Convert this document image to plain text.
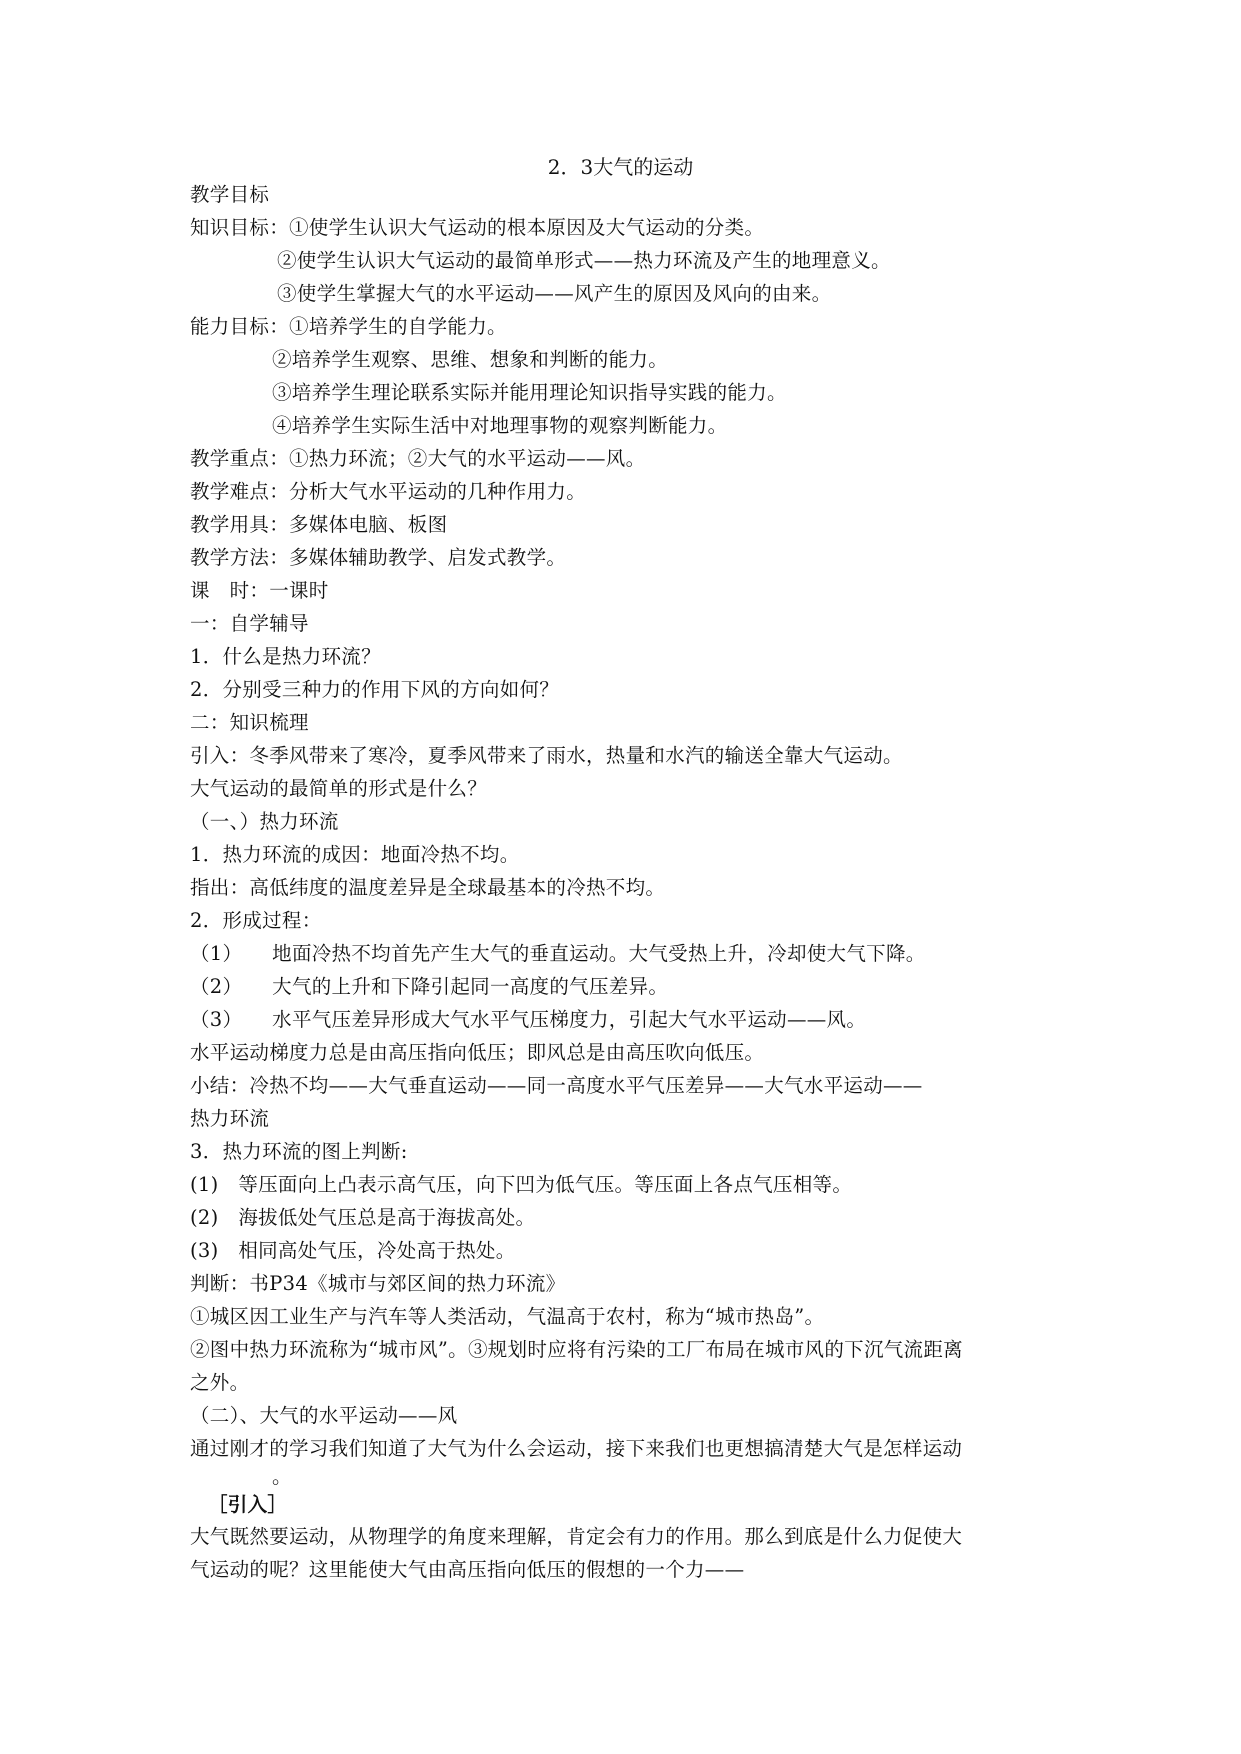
2．3大气的运动
教学目标
知识目标：①使学生认识大气运动的根本原因及大气运动的分类。
②使学生认识大气运动的最简单形式——热力环流及产生的地理意义。
③使学生掌握大气的水平运动——风产生的原因及风向的由来。
能力目标：①培养学生的自学能力。
②培养学生观察、思维、想象和判断的能力。
③培养学生理论联系实际并能用理论知识指导实践的能力。
④培养学生实际生活中对地理事物的观察判断能力。
教学重点：①热力环流；②大气的水平运动——风。
教学难点：分析大气水平运动的几种作用力。
教学用具：多媒体电脑、板图
教学方法：多媒体辅助教学、启发式教学。
课　时：一课时
一：自学辅导
1．什么是热力环流？
2．分别受三种力的作用下风的方向如何？
二：知识梳理
引入：冬季风带来了寒冷，夏季风带来了雨水，热量和水汽的输送全靠大气运动。
大气运动的最简单的形式是什么？
（一、）热力环流
1．热力环流的成因：地面冷热不均。
指出：高低纬度的温度差异是全球最基本的冷热不均。
2．形成过程：
（1）　　地面冷热不均首先产生大气的垂直运动。大气受热上升，冷却使大气下降。
（2）　　大气的上升和下降引起同一高度的气压差异。
（3）　　水平气压差异形成大气水平气压梯度力，引起大气水平运动——风。
水平运动梯度力总是由高压指向低压；即风总是由高压吹向低压。
小结：冷热不均——大气垂直运动——同一高度水平气压差异——大气水平运动——
热力环流
3．热力环流的图上判断:
(1)　等压面向上凸表示高气压，向下凹为低气压。等压面上各点气压相等。
(2)　海拔低处气压总是高于海拔高处。
(3)　相同高处气压，冷处高于热处。
判断：书P34《城市与郊区间的热力环流》
①城区因工业生产与汽车等人类活动，气温高于农村，称为“城市热岛”。
②图中热力环流称为“城市风”。③规划时应将有污染的工厂布局在城市风的下沉气流距离
之外。
（二）、大气的水平运动——风
通过刚才的学习我们知道了大气为什么会运动，接下来我们也更想搞清楚大气是怎样运动
。
［引入］
大气既然要运动，从物理学的角度来理解，肯定会有力的作用。那么到底是什么力促使大
气运动的呢？这里能使大气由高压指向低压的假想的一个力——
